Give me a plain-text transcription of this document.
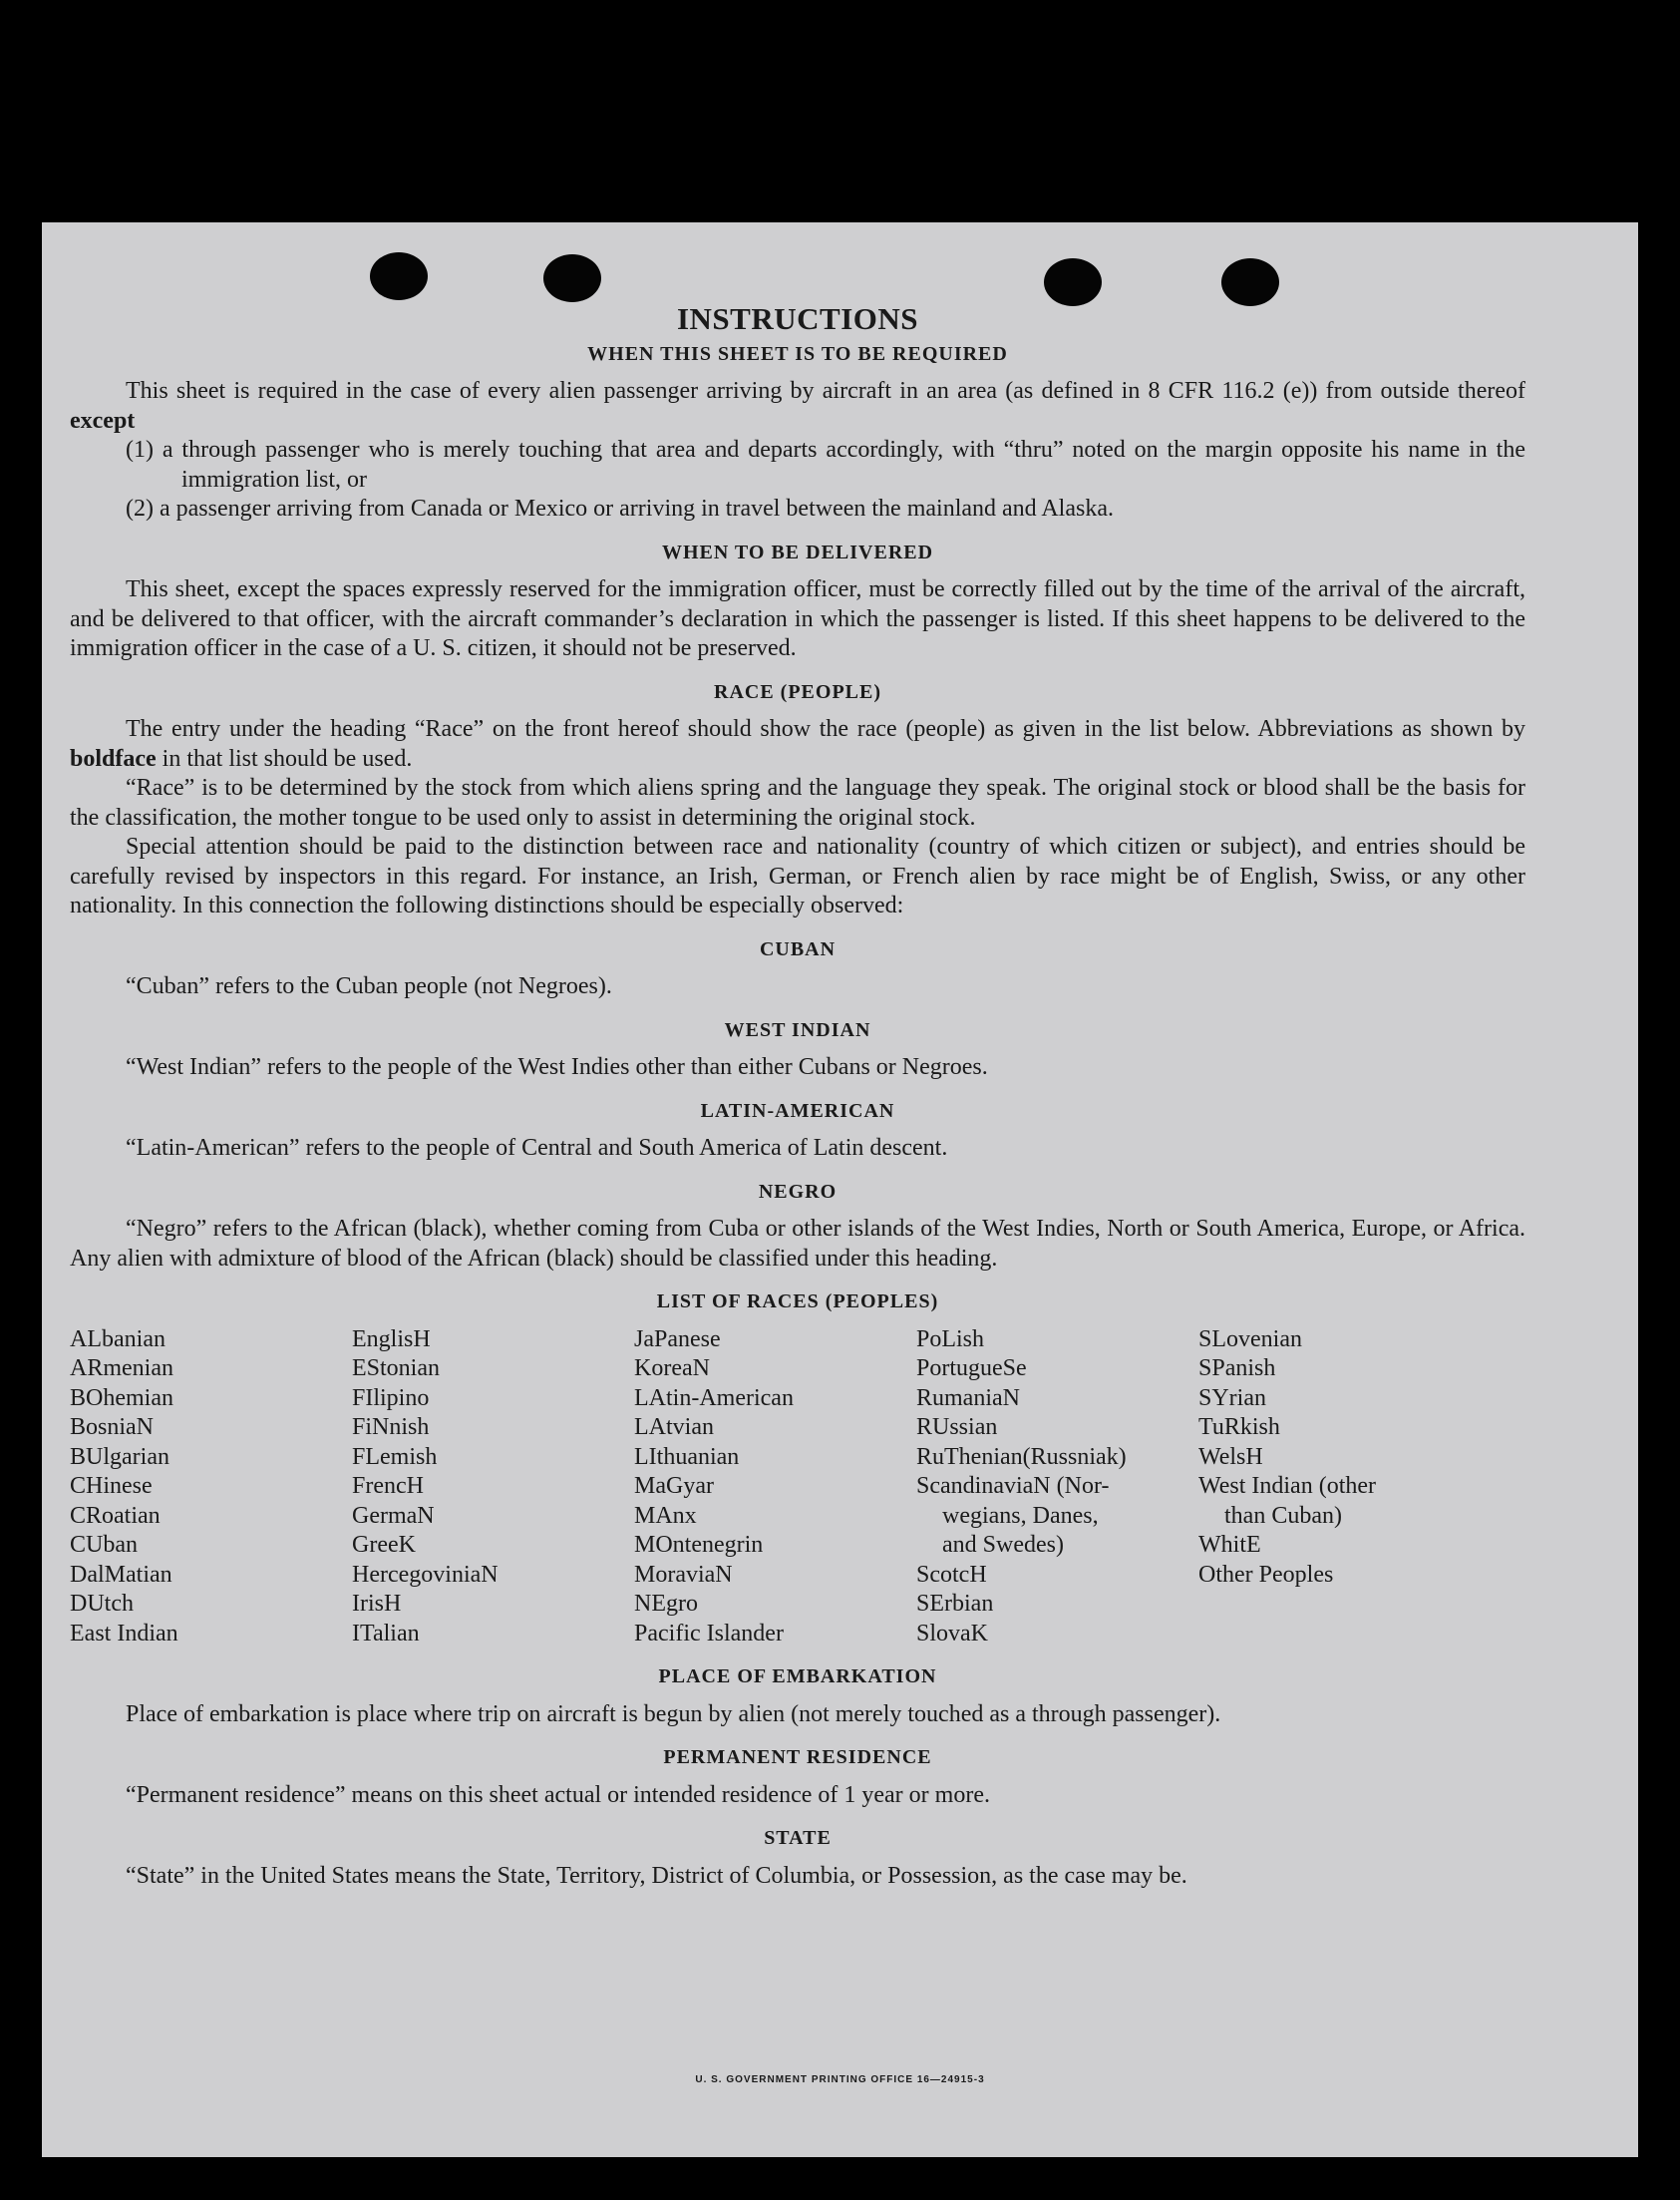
INSTRUCTIONS
WHEN THIS SHEET IS TO BE REQUIRED

This sheet is required in the case of every alien passenger arriving by aircraft in an area (as defined in 8 CFR 116.2 (e)) from outside thereof except

(1) a through passenger who is merely touching that area and departs accordingly, with “thru” noted on the margin opposite his name in the immigration list, or

(2) a passenger arriving from Canada or Mexico or arriving in travel between the mainland and Alaska.

WHEN TO BE DELIVERED

This sheet, except the spaces expressly reserved for the immigration officer, must be correctly filled out by the time of the arrival of the aircraft, and be delivered to that officer, with the aircraft commander’s declaration in which the passenger is listed. If this sheet happens to be delivered to the immigration officer in the case of a U. S. citizen, it should not be preserved.

RACE (PEOPLE)

The entry under the heading “Race” on the front hereof should show the race (people) as given in the list below. Abbreviations as shown by boldface in that list should be used.

“Race” is to be determined by the stock from which aliens spring and the language they speak. The original stock or blood shall be the basis for the classification, the mother tongue to be used only to assist in determining the original stock.

Special attention should be paid to the distinction between race and nationality (country of which citizen or subject), and entries should be carefully revised by inspectors in this regard. For instance, an Irish, German, or French alien by race might be of English, Swiss, or any other nationality. In this connection the following distinctions should be especially observed:

CUBAN

“Cuban” refers to the Cuban people (not Negroes).

WEST INDIAN

“West Indian” refers to the people of the West Indies other than either Cubans or Negroes.

LATIN-AMERICAN

“Latin-American” refers to the people of Central and South America of Latin descent.

NEGRO

“Negro” refers to the African (black), whether coming from Cuba or other islands of the West Indies, North or South America, Europe, or Africa. Any alien with admixture of blood of the African (black) should be classified under this heading.

LIST OF RACES (PEOPLES)
ALbanian
ARmenian
BOhemian
BosniaN
BUlgarian
CHinese
CRoatian
CUban
DalMatian
DUtch
East Indian
EnglisH
EStonian
FIlipino
FiNnish
FLemish
FrencH
GermaN
GreeK
HercegoviniaN
IrisH
ITalian
JaPanese
KoreaN
LAtin-American
LAtvian
LIthuanian
MaGyar
MAnx
MOntenegrin
MoraviaN
NEgro
Pacific Islander
PoLish
PortugueSe
RumaniaN
RUssian
RuThenian(Russniak)
ScandinaviaN (Nor-
wegians, Danes,
and Swedes)
ScotcH
SErbian
SlovaK
SLovenian
SPanish
SYrian
TuRkish
WelsH
West Indian (other
than Cuban)
WhitE
Other Peoples
PLACE OF EMBARKATION

Place of embarkation is place where trip on aircraft is begun by alien (not merely touched as a through passenger).

PERMANENT RESIDENCE

“Permanent residence” means on this sheet actual or intended residence of 1 year or more.

STATE

“State” in the United States means the State, Territory, District of Columbia, or Possession, as the case may be.

U. S. GOVERNMENT PRINTING OFFICE 16—24915-3
